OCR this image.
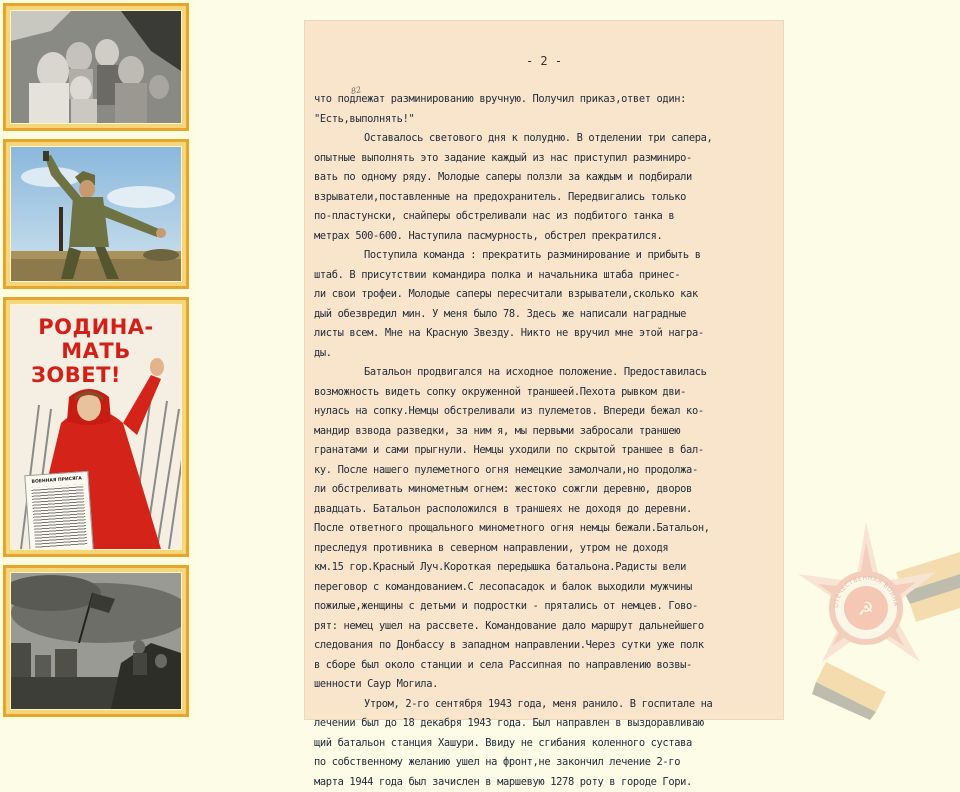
РОДИНА-МАТЬ
ЗОВЕТ!
ВОЕННАЯ ПРИСЯГА
- 2 -
82
что подлежат разминированию вручную. Получил приказ,ответ один:
"Есть,выполнять!"
Оставалось светового дня к полудню. В отделении три сапера,
опытные выполнять это задание каждый из нас приступил разминиро-
вать по одному ряду. Молодые саперы ползли за каждым и подбирали
взрыватели,поставленные на предохранитель. Передвигались только
по-пластунски, снайперы обстреливали нас из подбитого танка в
метрах 500-600. Наступила пасмурность, обстрел прекратился.
Поступила команда : прекратить разминирование и прибыть в
штаб. В присутствии командира полка и начальника штаба принес-
ли свои трофеи. Молодые саперы пересчитали взрыватели,сколько как
дый обезвредил мин. У меня было 78. Здесь же написали наградные
листы всем. Мне на Красную Звезду. Никто не вручил мне этой награ-
ды.
Батальон продвигался на исходное положение. Предоставилась
возможность видеть сопку окруженной траншеей.Пехота рывком дви-
нулась на сопку.Немцы обстреливали из пулеметов. Впереди бежал ко-
мандир взвода разведки, за ним я, мы первыми забросали траншею
гранатами и сами прыгнули. Немцы уходили по скрытой траншее в бал-
ку. После нашего пулеметного огня немецкие замолчали,но продолжа-
ли обстреливать минометным огнем: жестоко сожгли деревню, дворов
двадцать. Батальон расположился в траншеях не доходя до деревни.
После ответного прощального минометного огня немцы бежали.Батальон,
преследуя противника в северном направлении, утром не доходя
км.15 гор.Красный Луч.Короткая передышка батальона.Радисты вели
переговор с командованием.С лесопасадок и балок выходили мужчины
пожилые,женщины с детьми и подростки - прятались от немцев. Гово-
рят: немец ушел на рассвете. Командование дало маршрут дальнейшего
следования по Донбассу в западном направлении.Через сутки уже полк
в сборе был около станции и села Рассипная по направлению возвы-
шенности Саур Могила.
Утром, 2-го сентября 1943 года, меня ранило. В госпитале на
лечении был до 18 декабря 1943 года. Был направлен в выздоравливаю
щий батальон станция Хашури. Ввиду не сгибания коленного сустава
по собственному желанию ушел на фронт,не закончил лечение 2-го
марта 1944 года был зачислен в маршевую 1278 роту в городе Гори.
☭
ОТЕЧЕСТВЕННАЯ ВОЙНА
